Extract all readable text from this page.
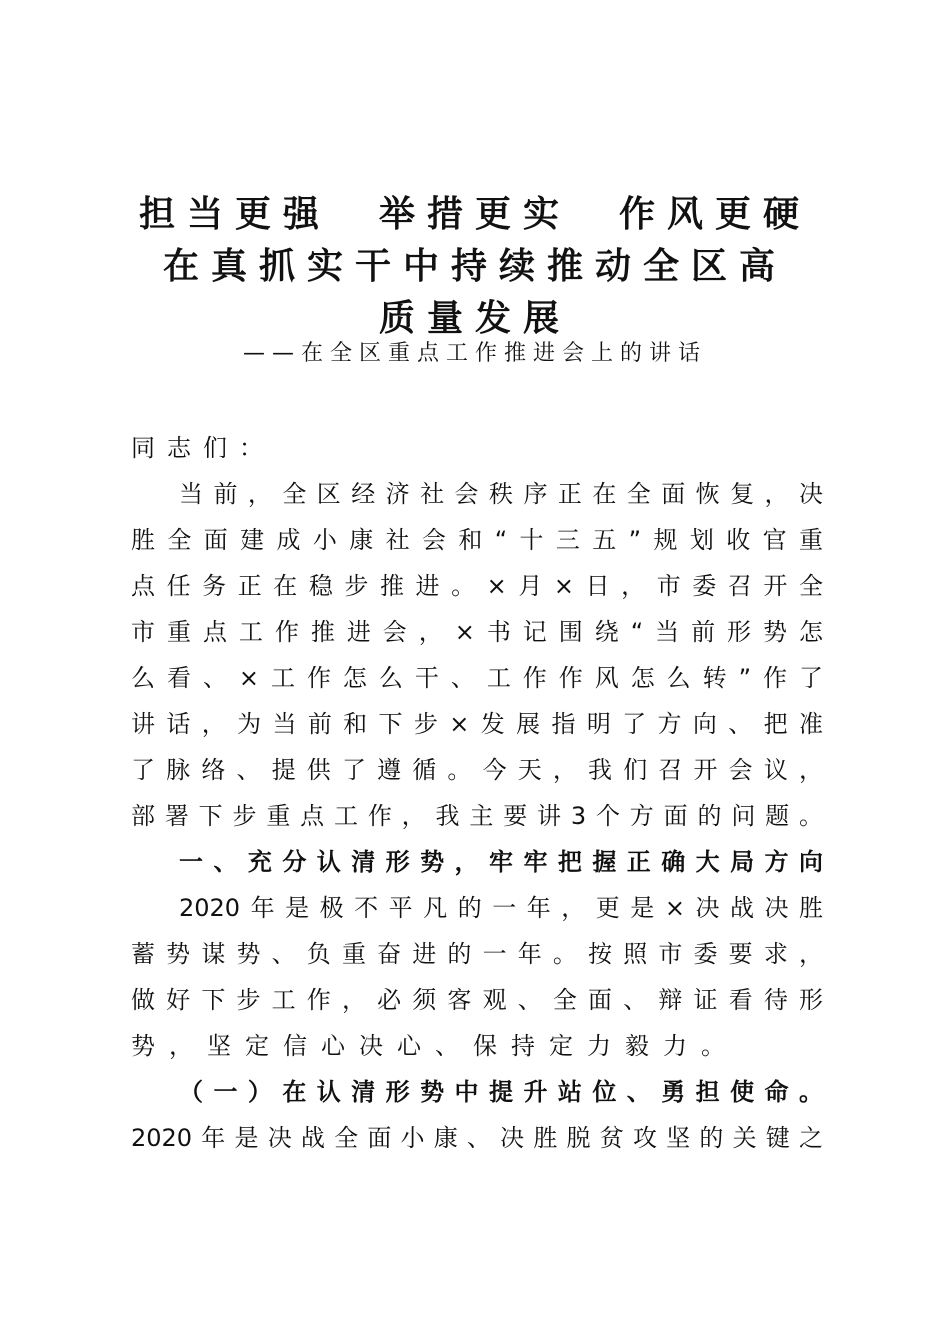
担当更强　举措更实　作风更硬
在真抓实干中持续推动全区高
质量发展
——在全区重点工作推进会上的讲话
同志们：
当前，全区经济社会秩序正在全面恢复，决
胜全面建成小康社会和“十三五”规划收官重
点任务正在稳步推进。×月×日，市委召开全
市重点工作推进会，×书记围绕“当前形势怎
么看、×工作怎么干、工作作风怎么转”作了
讲话，为当前和下步×发展指明了方向、把准
了脉络、提供了遵循。今天，我们召开会议，
部署下步重点工作，我主要讲3个方面的问题。
一、充分认清形势，牢牢把握正确大局方向
2020年是极不平凡的一年，更是×决战决胜
蓄势谋势、负重奋进的一年。按照市委要求，
做好下步工作，必须客观、全面、辩证看待形
势，坚定信心决心、保持定力毅力。
（一）在认清形势中提升站位、勇担使命。
2020年是决战全面小康、决胜脱贫攻坚的关键之
